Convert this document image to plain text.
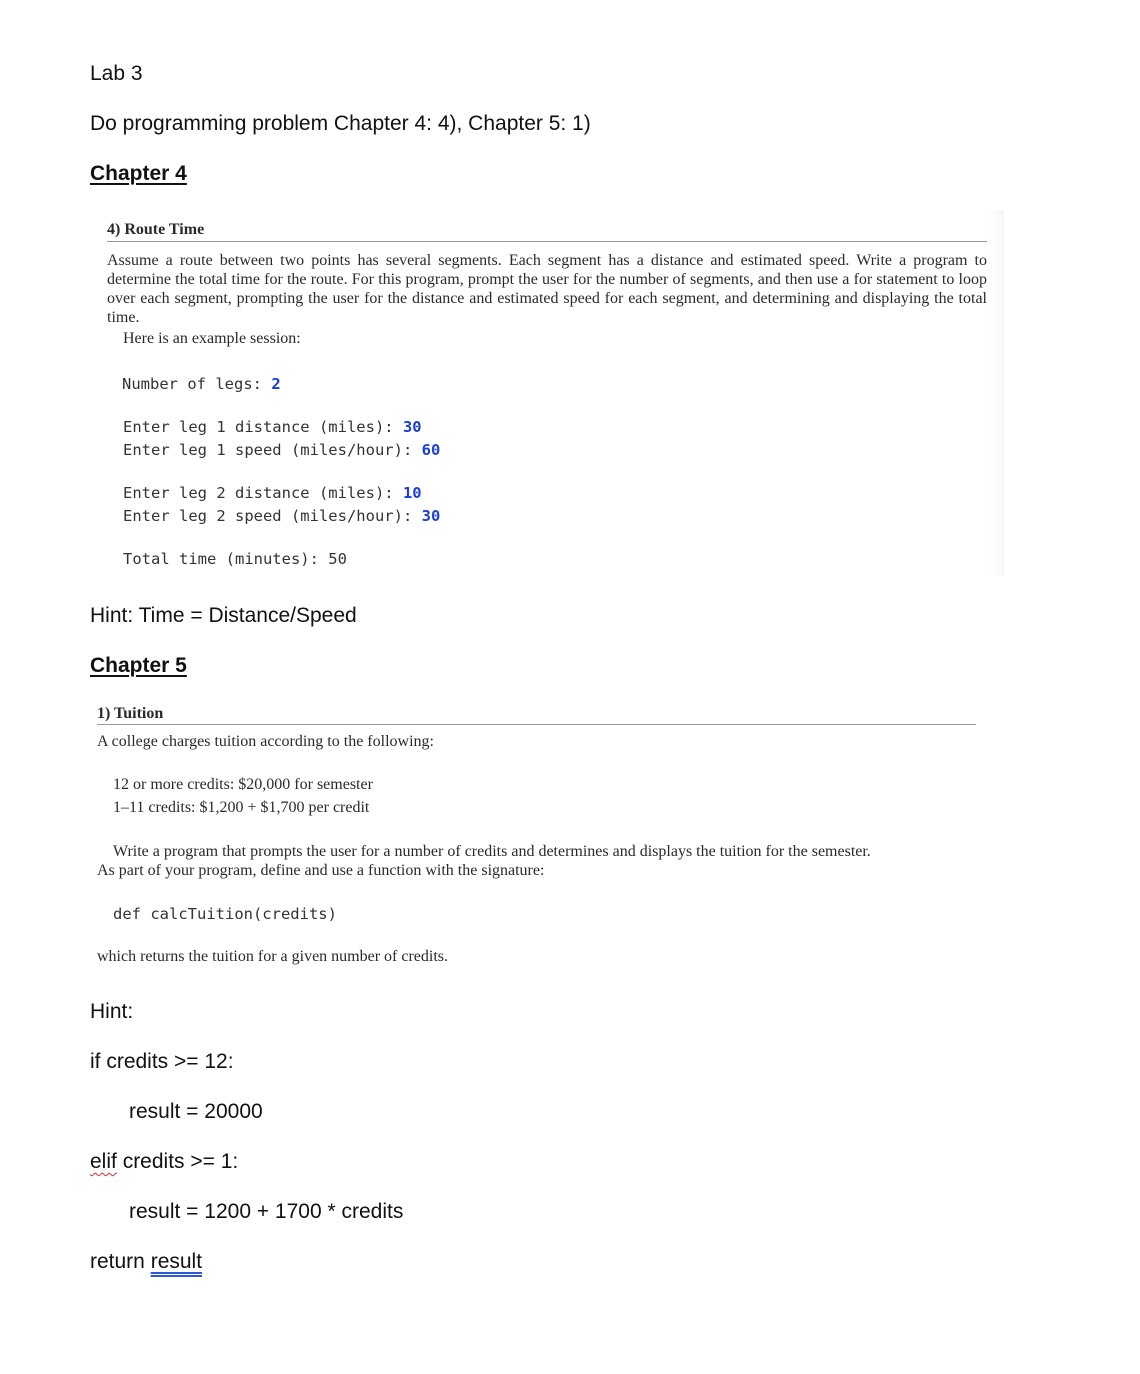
Lab 3
Do programming problem Chapter 4: 4), Chapter 5: 1)
Chapter 4
4) Route Time
Assume a route between two points has several segments. Each segment has a distance and estimated speed. Write a program to determine the total time for the route. For this program, prompt the user for the number of segments, and then use a for statement to loop over each segment, prompting the user for the distance and estimated speed for each segment, and determining and displaying the total time.
Here is an example session:
Number of legs: 2
Enter leg 1 distance (miles): 30
Enter leg 1 speed (miles/hour): 60
Enter leg 2 distance (miles): 10
Enter leg 2 speed (miles/hour): 30
Total time (minutes): 50
Hint: Time = Distance/Speed
Chapter 5
1) Tuition
A college charges tuition according to the following:
12 or more credits: $20,000 for semester
1–11 credits: $1,200 + $1,700 per credit
Write a program that prompts the user for a number of credits and determines and displays the tuition for the semester.
As part of your program, define and use a function with the signature:
def calcTuition(credits)
which returns the tuition for a given number of credits.
Hint:
if credits >= 12:
result = 20000
elif credits >= 1:
result = 1200 + 1700 * credits
return result
